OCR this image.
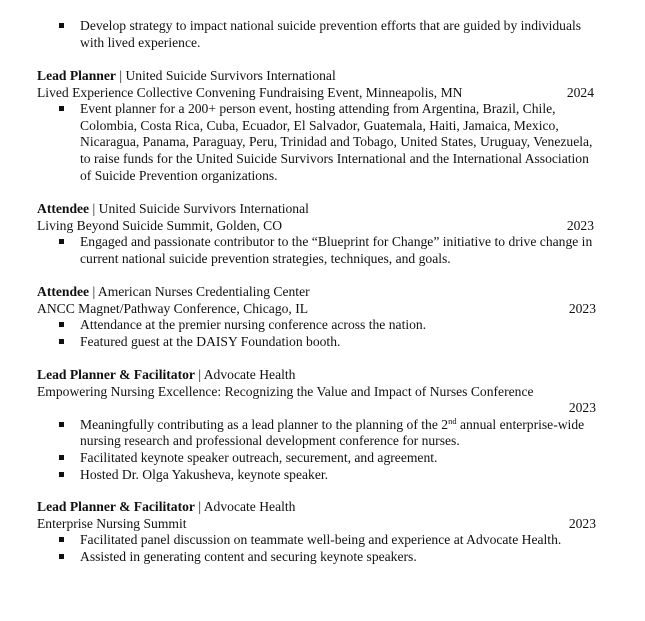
Develop strategy to impact national suicide prevention efforts that are guided by individuals with lived experience.
Lead Planner | United Suicide Survivors International
Lived Experience Collective Convening Fundraising Event, Minneapolis, MN	2024
Event planner for a 200+ person event, hosting attending from Argentina, Brazil, Chile, Colombia, Costa Rica, Cuba, Ecuador, El Salvador, Guatemala, Haiti, Jamaica, Mexico, Nicaragua, Panama, Paraguay, Peru, Trinidad and Tobago, United States, Uruguay, Venezuela, to raise funds for the United Suicide Survivors International and the International Association of Suicide Prevention organizations.
Attendee | United Suicide Survivors International
Living Beyond Suicide Summit, Golden, CO	2023
Engaged and passionate contributor to the “Blueprint for Change” initiative to drive change in current national suicide prevention strategies, techniques, and goals.
Attendee | American Nurses Credentialing Center
ANCC Magnet/Pathway Conference, Chicago, IL	2023
Attendance at the premier nursing conference across the nation.
Featured guest at the DAISY Foundation booth.
Lead Planner & Facilitator | Advocate Health
Empowering Nursing Excellence: Recognizing the Value and Impact of Nurses Conference
2023
Meaningfully contributing as a lead planner to the planning of the 2nd annual enterprise-wide nursing research and professional development conference for nurses.
Facilitated keynote speaker outreach, securement, and agreement.
Hosted Dr. Olga Yakusheva, keynote speaker.
Lead Planner & Facilitator | Advocate Health
Enterprise Nursing Summit	2023
Facilitated panel discussion on teammate well-being and experience at Advocate Health.
Assisted in generating content and securing keynote speakers.
